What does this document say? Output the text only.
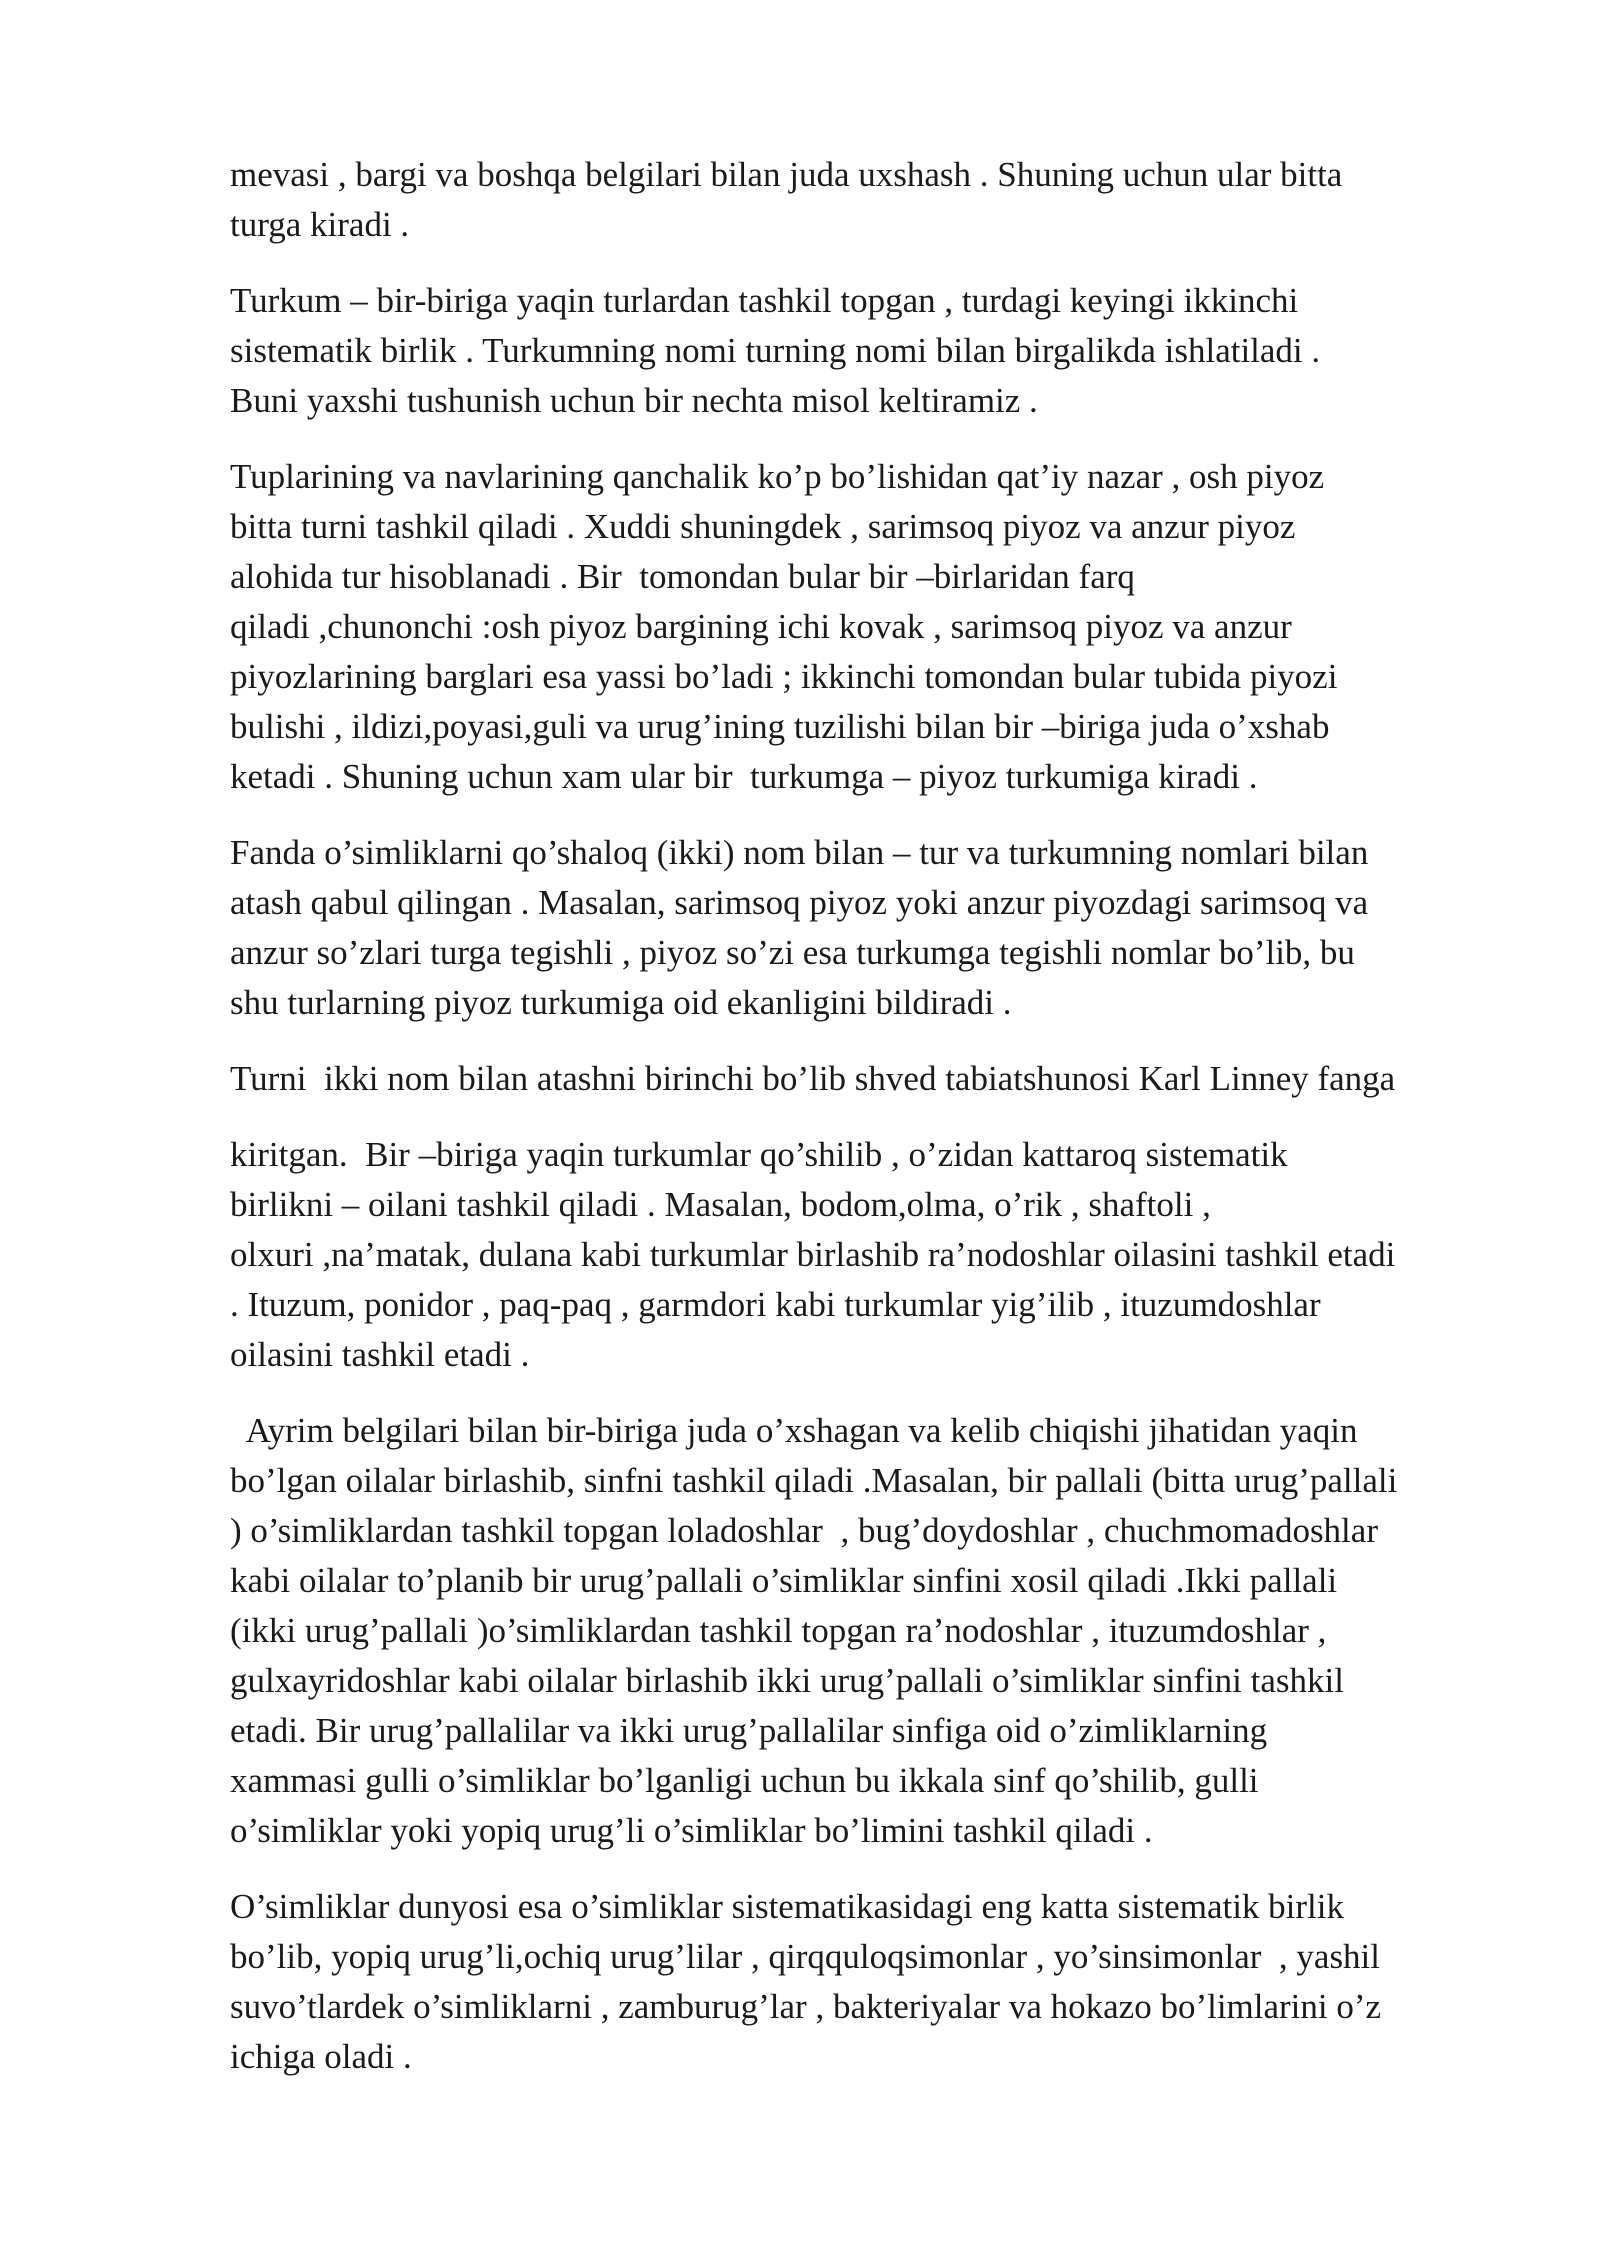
mevasi , bargi va boshqa belgilari bilan juda uxshash . Shuning uchun ular bitta
turga kiradi .

Turkum – bir-biriga yaqin turlardan tashkil topgan , turdagi keyingi ikkinchi
sistematik birlik . Turkumning nomi turning nomi bilan birgalikda ishlatiladi .
Buni yaxshi tushunish uchun bir nechta misol keltiramiz .

Tuplarining va navlarining qanchalik ko’p bo’lishidan qat’iy nazar , osh piyoz
bitta turni tashkil qiladi . Xuddi shuningdek , sarimsoq piyoz va anzur piyoz
alohida tur hisoblanadi . Bir  tomondan bular bir –birlaridan farq
qiladi ,chunonchi :osh piyoz bargining ichi kovak , sarimsoq piyoz va anzur
piyozlarining barglari esa yassi bo’ladi ; ikkinchi tomondan bular tubida piyozi
bulishi , ildizi,poyasi,guli va urug’ining tuzilishi bilan bir –biriga juda o’xshab
ketadi . Shuning uchun xam ular bir  turkumga – piyoz turkumiga kiradi .

Fanda o’simliklarni qo’shaloq (ikki) nom bilan – tur va turkumning nomlari bilan
atash qabul qilingan . Masalan, sarimsoq piyoz yoki anzur piyozdagi sarimsoq va
anzur so’zlari turga tegishli , piyoz so’zi esa turkumga tegishli nomlar bo’lib, bu
shu turlarning piyoz turkumiga oid ekanligini bildiradi .

Turni  ikki nom bilan atashni birinchi bo’lib shved tabiatshunosi Karl Linney fanga

kiritgan.  Bir –biriga yaqin turkumlar qo’shilib , o’zidan kattaroq sistematik
birlikni – oilani tashkil qiladi . Masalan, bodom,olma, o’rik , shaftoli ,
olxuri ,na’matak, dulana kabi turkumlar birlashib ra’nodoshlar oilasini tashkil etadi
. Ituzum, ponidor , paq-paq , garmdori kabi turkumlar yig’ilib , ituzumdoshlar
oilasini tashkil etadi .

Ayrim belgilari bilan bir-biriga juda o’xshagan va kelib chiqishi jihatidan yaqin
bo’lgan oilalar birlashib, sinfni tashkil qiladi .Masalan, bir pallali (bitta urug’pallali
) o’simliklardan tashkil topgan loladoshlar  , bug’doydoshlar , chuchmomadoshlar
kabi oilalar to’planib bir urug’pallali o’simliklar sinfini xosil qiladi .Ikki pallali
(ikki urug’pallali )o’simliklardan tashkil topgan ra’nodoshlar , ituzumdoshlar ,
gulxayridoshlar kabi oilalar birlashib ikki urug’pallali o’simliklar sinfini tashkil
etadi. Bir urug’pallalilar va ikki urug’pallalilar sinfiga oid o’zimliklarning
xammasi gulli o’simliklar bo’lganligi uchun bu ikkala sinf qo’shilib, gulli
o’simliklar yoki yopiq urug’li o’simliklar bo’limini tashkil qiladi .

O’simliklar dunyosi esa o’simliklar sistematikasidagi eng katta sistematik birlik
bo’lib, yopiq urug’li,ochiq urug’lilar , qirqquloqsimonlar , yo’sinsimonlar  , yashil
suvo’tlardek o’simliklarni , zamburug’lar , bakteriyalar va hokazo bo’limlarini o’z
ichiga oladi .
